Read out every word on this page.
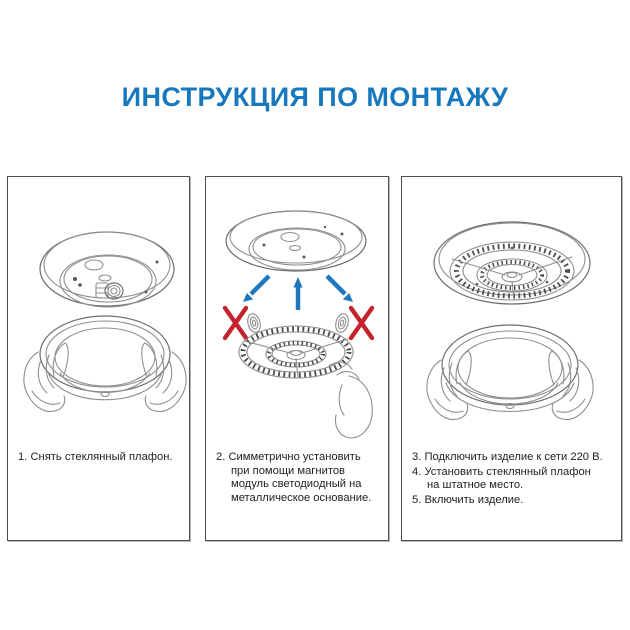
ИНСТРУКЦИЯ ПО МОНТАЖУ
1. Снять стеклянный плафон.	2. Симметрично установить
при помощи магнитов
модуль светодиодный на
металлическое основание.
3. Подключить изделие к сети 220 В.
4. Установить стеклянный плафон
на штатное место.
5. Включить изделие.
